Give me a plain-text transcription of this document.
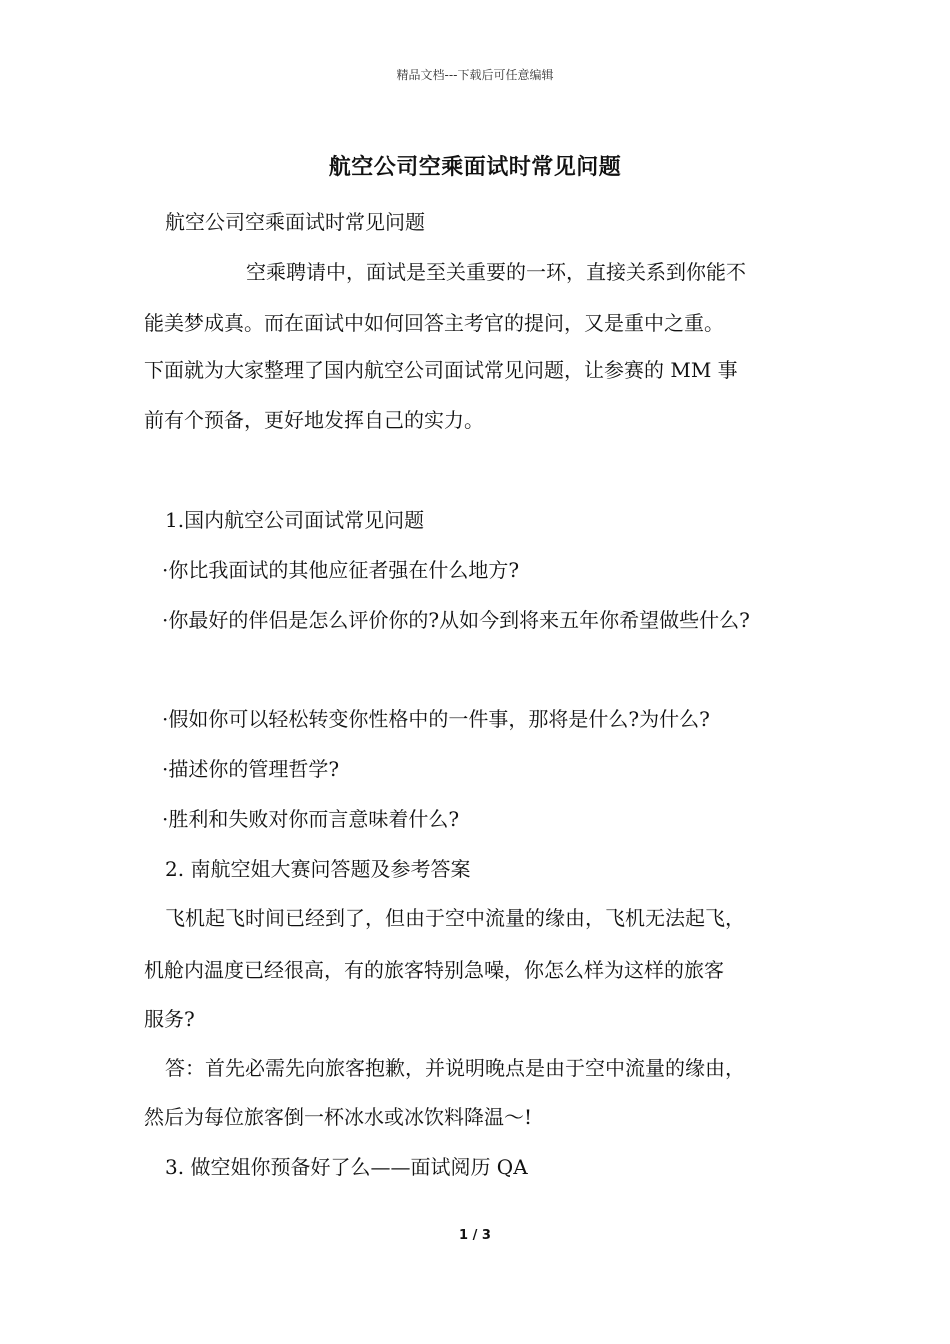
精品文档---下载后可任意编辑
航空公司空乘面试时常见问题
航空公司空乘面试时常见问题
空乘聘请中，面试是至关重要的一环，直接关系到你能不
能美梦成真。而在面试中如何回答主考官的提问，又是重中之重。
下面就为大家整理了国内航空公司面试常见问题，让参赛的 MM 事
前有个预备，更好地发挥自己的实力。
1.国内航空公司面试常见问题
·你比我面试的其他应征者强在什么地方?
·你最好的伴侣是怎么评价你的?从如今到将来五年你希望做些什么?
·假如你可以轻松转变你性格中的一件事，那将是什么?为什么?
·描述你的管理哲学?
·胜利和失败对你而言意味着什么?
2. 南航空姐大赛问答题及参考答案
飞机起飞时间已经到了，但由于空中流量的缘由，飞机无法起飞，
机舱内温度已经很高，有的旅客特别急噪，你怎么样为这样的旅客
服务?
答：首先必需先向旅客抱歉，并说明晚点是由于空中流量的缘由，
然后为每位旅客倒一杯冰水或冰饮料降温～!
3. 做空姐你预备好了么——面试阅历 QA
1 / 3
